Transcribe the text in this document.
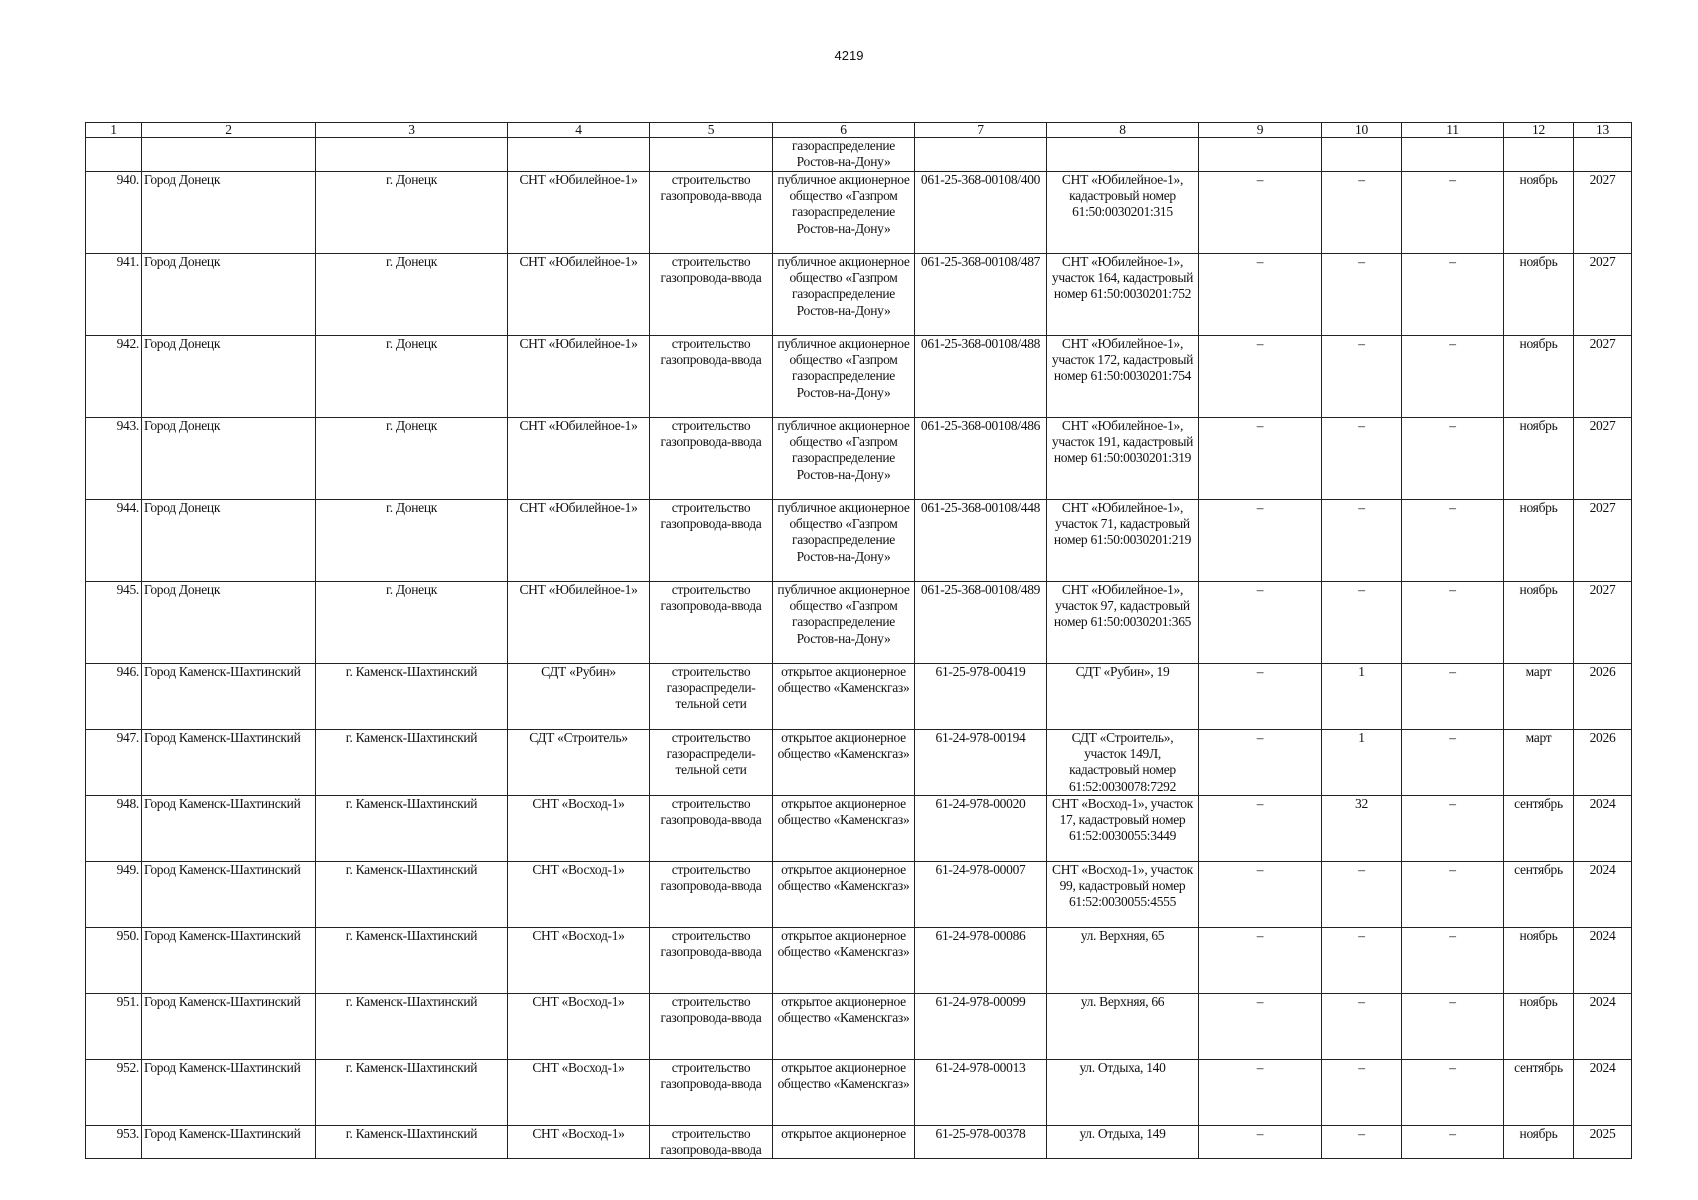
4219
1	2	3	4	5	6	7	8	9	10	11	12	13
					газораспределение Ростов-на-Дону»							
940.	Город Донецк	г. Донецк	СНТ «Юбилейное-1»	строительство газопровода-ввода	публичное акционерное общество «Газпром газораспределение Ростов-на-Дону»	061-25-368-00108/400	СНТ «Юбилейное-1», кадастровый номер 61:50:0030201:315	–	–	–	ноябрь	2027
941.	Город Донецк	г. Донецк	СНТ «Юбилейное-1»	строительство газопровода-ввода	публичное акционерное общество «Газпром газораспределение Ростов-на-Дону»	061-25-368-00108/487	СНТ «Юбилейное-1», участок 164, кадастровый номер 61:50:0030201:752	–	–	–	ноябрь	2027
942.	Город Донецк	г. Донецк	СНТ «Юбилейное-1»	строительство газопровода-ввода	публичное акционерное общество «Газпром газораспределение Ростов-на-Дону»	061-25-368-00108/488	СНТ «Юбилейное-1», участок 172, кадастровый номер 61:50:0030201:754	–	–	–	ноябрь	2027
943.	Город Донецк	г. Донецк	СНТ «Юбилейное-1»	строительство газопровода-ввода	публичное акционерное общество «Газпром газораспределение Ростов-на-Дону»	061-25-368-00108/486	СНТ «Юбилейное-1», участок 191, кадастровый номер 61:50:0030201:319	–	–	–	ноябрь	2027
944.	Город Донецк	г. Донецк	СНТ «Юбилейное-1»	строительство газопровода-ввода	публичное акционерное общество «Газпром газораспределение Ростов-на-Дону»	061-25-368-00108/448	СНТ «Юбилейное-1», участок 71, кадастровый номер 61:50:0030201:219	–	–	–	ноябрь	2027
945.	Город Донецк	г. Донецк	СНТ «Юбилейное-1»	строительство газопровода-ввода	публичное акционерное общество «Газпром газораспределение Ростов-на-Дону»	061-25-368-00108/489	СНТ «Юбилейное-1», участок 97, кадастровый номер 61:50:0030201:365	–	–	–	ноябрь	2027
946.	Город Каменск-Шахтинский	г. Каменск-Шахтинский	СДТ «Рубин»	строительство газораспредели-тельной сети	открытое акционерное общество «Каменскгаз»	61-25-978-00419	СДТ «Рубин», 19	–	1	–	март	2026
947.	Город Каменск-Шахтинский	г. Каменск-Шахтинский	СДТ «Строитель»	строительство газораспредели-тельной сети	открытое акционерное общество «Каменскгаз»	61-24-978-00194	СДТ «Строитель», участок 149Л, кадастровый номер 61:52:0030078:7292	–	1	–	март	2026
948.	Город Каменск-Шахтинский	г. Каменск-Шахтинский	СНТ «Восход-1»	строительство газопровода-ввода	открытое акционерное общество «Каменскгаз»	61-24-978-00020	СНТ «Восход-1», участок 17, кадастровый номер 61:52:0030055:3449	–	32	–	сентябрь	2024
949.	Город Каменск-Шахтинский	г. Каменск-Шахтинский	СНТ «Восход-1»	строительство газопровода-ввода	открытое акционерное общество «Каменскгаз»	61-24-978-00007	СНТ «Восход-1», участок 99, кадастровый номер 61:52:0030055:4555	–	–	–	сентябрь	2024
950.	Город Каменск-Шахтинский	г. Каменск-Шахтинский	СНТ «Восход-1»	строительство газопровода-ввода	открытое акционерное общество «Каменскгаз»	61-24-978-00086	ул. Верхняя, 65	–	–	–	ноябрь	2024
951.	Город Каменск-Шахтинский	г. Каменск-Шахтинский	СНТ «Восход-1»	строительство газопровода-ввода	открытое акционерное общество «Каменскгаз»	61-24-978-00099	ул. Верхняя, 66	–	–	–	ноябрь	2024
952.	Город Каменск-Шахтинский	г. Каменск-Шахтинский	СНТ «Восход-1»	строительство газопровода-ввода	открытое акционерное общество «Каменскгаз»	61-24-978-00013	ул. Отдыха, 140	–	–	–	сентябрь	2024
953.	Город Каменск-Шахтинский	г. Каменск-Шахтинский	СНТ «Восход-1»	строительство газопровода-ввода	открытое акционерное	61-25-978-00378	ул. Отдыха, 149	–	–	–	ноябрь	2025
